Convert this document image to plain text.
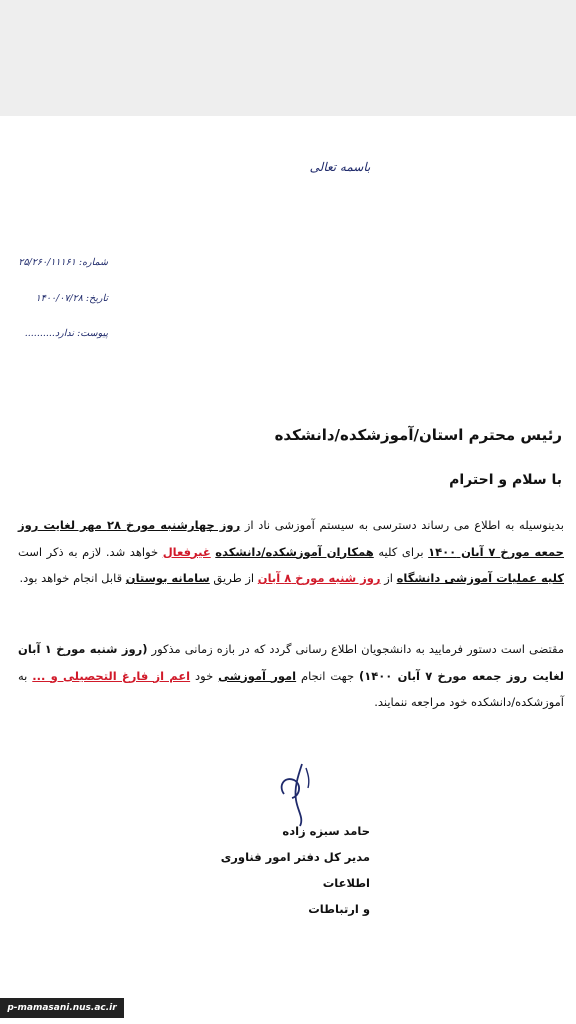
باسمه تعالی
شماره: ۲۵/۲۶۰/۱۱۱۶۱
تاریخ: ۱۴۰۰/۰۷/۲۸
پیوست: ندارد..........
رئیس محترم استان/آموزشکده/دانشکده
با سلام و احترام
بدینوسیله به اطلاع می رساند دسترسی به سیستم آموزشی ناد از روز چهارشنبه مورخ ۲۸ مهر لغایت روز جمعه مورخ ۷ آبان ۱۴۰۰ برای کلیه همکاران آموزشکده/دانشکده غیرفعال خواهد شد. لازم به ذکر است کلیه عملیات آموزشی دانشگاه از روز شنبه مورخ ۸ آبان از طریق سامانه بوستان قابل انجام خواهد بود.
مقتضی است دستور فرمایید به دانشجویان اطلاع رسانی گردد که در بازه زمانی مذکور (روز شنبه مورخ ۱ آبان لغایت روز جمعه مورخ ۷ آبان ۱۴۰۰) جهت انجام امور آموزشی خود اعم از فارغ التحصیلی و ... به آموزشکده/دانشکده خود مراجعه ننمایند.
حامد سبزه زاده
مدیر کل دفتر امور فناوری اطلاعات
و ارتباطات
p-mamasani.nus.ac.ir
